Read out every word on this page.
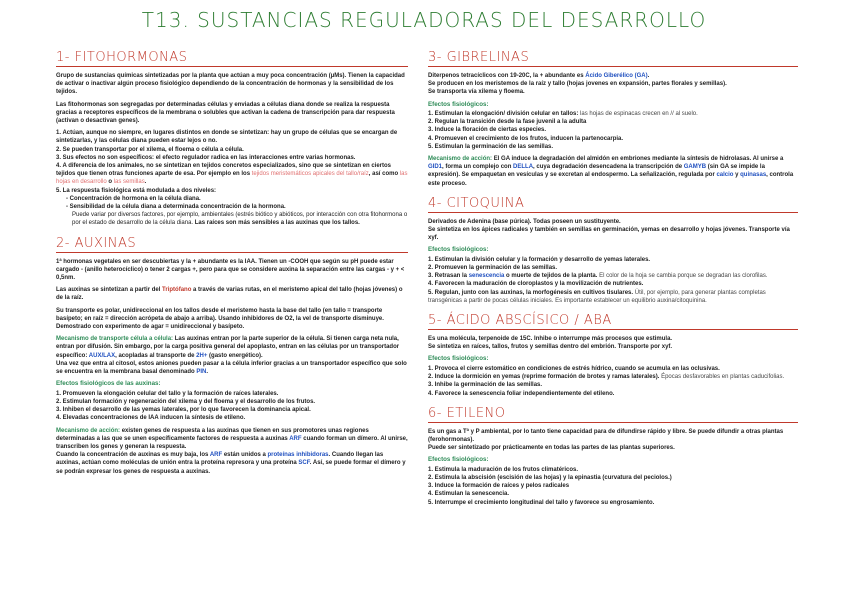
T13. SUSTANCIAS REGULADORAS DEL DESARROLLO
1- FITOHORMONAS

Grupo de sustancias químicas sintetizadas por la planta que actúan a muy poca concentración (µMs). Tienen la capacidad de activar o inactivar algún proceso fisiológico dependiendo de la concentración de hormonas y la sensibilidad de los tejidos.

Las fitohormonas son segregadas por determinadas células y enviadas a células diana donde se realiza la respuesta gracias a receptores específicos de la membrana o solubles que activan la cadena de transcripción para dar respuesta (activan o desactivan genes).

1. Actúan, aunque no siempre, en lugares distintos en donde se sintetizan: hay un grupo de células que se encargan de sintetizarlas, y las células diana pueden estar lejos o no.

2. Se pueden transportar por el xilema, el floema o célula a célula.

3. Sus efectos no son específicos: el efecto regulador radica en las interacciones entre varias hormonas.

4. A diferencia de los animales, no se sintetizan en tejidos concretos especializados, sino que se sintetizan en ciertos tejidos que tienen otras funciones aparte de esa. Por ejemplo en los tejidos meristemáticos apicales del tallo/raíz, así como las hojas en desarrollo o las semillas.

5. La respuesta fisiológica está modulada a dos niveles:

- Concentración de hormona en la célula diana.

- Sensibilidad de la célula diana a determinada concentración de la hormona.

Puede variar por diversos factores, por ejemplo, ambientales (estrés biótico y abióticos, por interacción con otra fitohormona o por el estado de desarrollo de la célula diana. Las raíces son más sensibles a las auxinas que los tallos.

2- AUXINAS

1ª hormonas vegetales en ser descubiertas y la + abundante es la IAA. Tienen un -COOH que según su pH puede estar cargado - (anillo heterocíclico) o tener 2 cargas +, pero para que se considere auxina la separación entre las cargas - y + < 0,5nm.

Las auxinas se sintetizan a partir del Triptófano a través de varias rutas, en el meristemo apical del tallo (hojas jóvenes) o de la raíz.

Su transporte es polar, unidireccional en los tallos desde el meristemo hasta la base del tallo (en tallo = transporte basípeto; en raíz = dirección acrópeta de abajo a arriba). Usando inhibidores de O2, la vel de transporte disminuye. Demostrado con experimento de agar = unidireccional y basípeto.

Mecanismo de transporte célula a célula: Las auxinas entran por la parte superior de la célula. Si tienen carga neta nula, entran por difusión. Sin embargo, por la carga positiva general del apoplasto, entran en las células por un transportador específico: AUX/LAX, acopladas al transporte de 2H+ (gasto energético).
Una vez que entra al citosol, estos aniones pueden pasar a la célula inferior gracias a un transportador específico que solo se encuentra en la membrana basal denominado PIN.

Efectos fisiológicos de las auxinas:

1. Promueven la elongación celular del tallo y la formación de raíces laterales.

2. Estimulan formación y regeneración del xilema y del floema y el desarrollo de los frutos.

3. Inhiben el desarrollo de las yemas laterales, por lo que favorecen la dominancia apical.

4. Elevadas concentraciones de IAA inducen la síntesis de etileno.

Mecanismo de acción: existen genes de respuesta a las auxinas que tienen en sus promotores unas regiones determinadas a las que se unen específicamente factores de respuesta a auxinas ARF cuando forman un dímero. Al unirse, transcriben los genes y generan la respuesta.
Cuando la concentración de auxinas es muy baja, los ARF están unidos a proteínas inhibidoras. Cuando llegan las auxinas, actúan como moléculas de unión entra la proteína represora y una proteína SCF. Así, se puede formar el dímero y se podrán expresar los genes de respuesta a auxinas.

3- GIBRELINAS

Diterpenos tetracíclicos con 19-20C, la + abundante es Ácido Giberélico (GA).

Se producen en los meristemos de la raíz y tallo (hojas jovenes en expansión, partes florales y semillas).

Se transporta vía xilema y floema.

Efectos fisiológicos:

1. Estimulan la elongación/ división celular en tallos: las hojas de espinacas crecen en // al suelo.

2. Regulan la transición desde la fase juvenil a la adulta

3. Induce la floración de ciertas especies.

4. Promueven el crecimiento de los frutos, inducen la partenocarpia.

5. Estimulan la germinación de las semillas.

Mecanismo de acción: El GA induce la degradación del almidón en embriones mediante la síntesis de hidrolasas. Al unirse a GID1, forma un complejo con DELLA, cuya degradación desencadena la transcripción de GAMYB (sin GA se impide la expresión). Se empaquetan en vesículas y se excretan al endospermo. La señalización, regulada por calcio y quinasas, controla este proceso.

4- CITOQUINA

Derivados de Adenina (base púrica). Todas poseen un sustituyente.

Se sintetiza en los ápices radicales y también en semillas en germinación, yemas en desarrollo y hojas jóvenes. Transporte vía xyf.

Efectos fisiológicos:

1. Estimulan la división celular y la formación y desarrollo de yemas laterales.

2. Promueven la germinación de las semillas.

3. Retrasan la senescencia o muerte de tejidos de la planta. El color de la hoja se cambia porque se degradan las clorofilas.

4. Favorecen la maduración de cloroplastos y la movilización de nutrientes.

5. Regulan, junto con las auxinas, la morfogénesis en cultivos tisulares. Útil, por ejemplo, para generar plantas completas transgénicas a partir de pocas células iniciales. Es importante establecer un equilibrio auxina/citoquinina.

5- ÁCIDO ABSCÍSICO / ABA

Es una molécula, terpenoide de 15C. Inhibe o interrumpe más procesos que estimula.

Se sintetiza en raíces, tallos, frutos y semillas dentro del embrión. Transporte por xyf.

Efectos fisiológicos:

1. Provoca el cierre estomático en condiciones de estrés hídrico, cuando se acumula en las oclusivas.

2. Induce la dormición en yemas (reprime formación de brotes y ramas laterales). Épocas desfavorables en plantas caducifolias.

3. Inhibe la germinación de las semillas.

4. Favorece la senescencia foliar independientemente del etileno.

6- ETILENO

Es un gas a Tª y P ambiental, por lo tanto tiene capacidad para de difundirse rápido y libre. Se puede difundir a otras plantas (ferohormonas).

Puede ser sintetizado por prácticamente en todas las partes de las plantas superiores.

Efectos fisiológicos:

1. Estimula la maduración de los frutos climatéricos.

2. Estimula la abscisión (escisión de las hojas) y la epinastia (curvatura del peciolos.)

3. Induce la formación de raíces y pelos radicales

4. Estimulan la senescencia.

5. Interrumpe el crecimiento longitudinal del tallo y favorece su engrosamiento.
